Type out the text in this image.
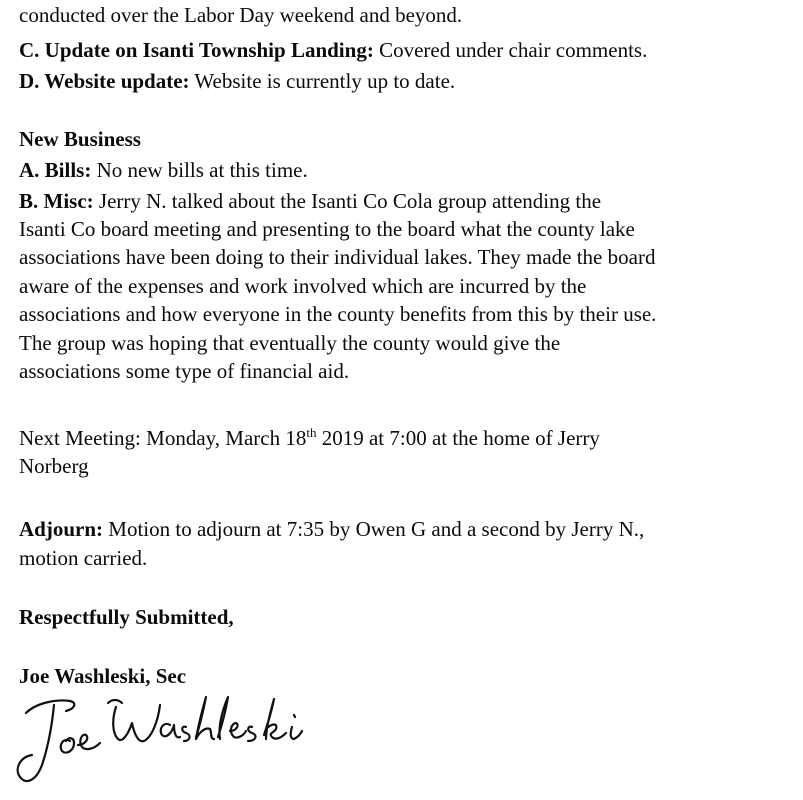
conducted over the Labor Day weekend and beyond.
C. Update on Isanti Township Landing: Covered under chair comments.
D. Website update: Website is currently up to date.
New Business
A. Bills: No new bills at this time.
B. Misc: Jerry N. talked about the Isanti Co Cola group attending the
Isanti Co board meeting and presenting to the board what the county lake
associations have been doing to their individual lakes. They made the board
aware of the expenses and work involved which are incurred by the
associations and how everyone in the county benefits from this by their use.
The group was hoping that eventually the county would give the
associations some type of financial aid.
Next Meeting: Monday, March 18th 2019 at 7:00 at the home of Jerry
Norberg
Adjourn: Motion to adjourn at 7:35 by Owen G and a second by Jerry N.,
motion carried.
Respectfully Submitted,
Joe Washleski, Sec
